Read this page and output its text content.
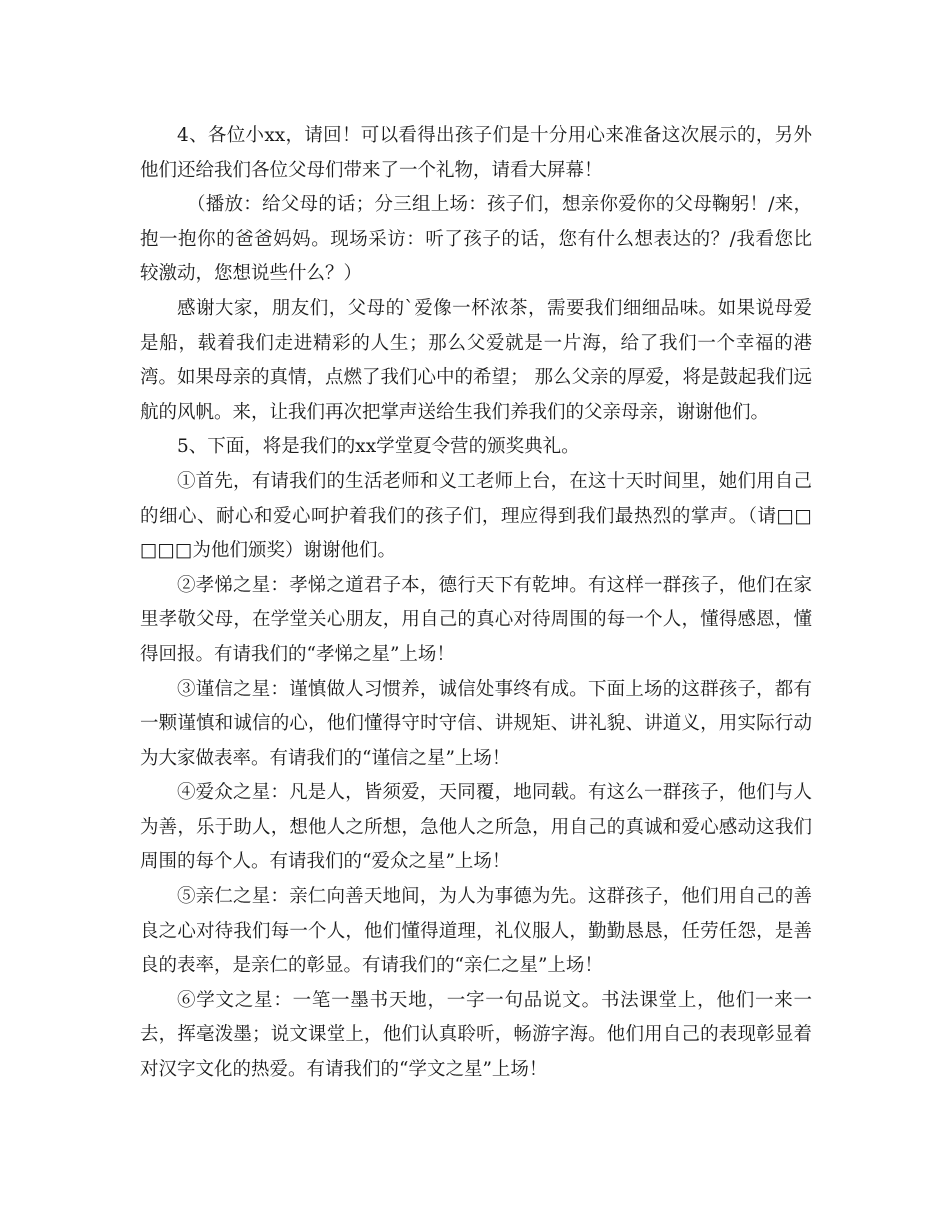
4、各位小xx，请回！可以看得出孩子们是十分用心来准备这次展示的，另外他们还给我们各位父母们带来了一个礼物，请看大屏幕！

（播放：给父母的话；分三组上场：孩子们，想亲你爱你的父母鞠躬！/来，抱一抱你的爸爸妈妈。现场采访：听了孩子的话，您有什么想表达的？/我看您比较激动，您想说些什么？）

感谢大家，朋友们，父母的`爱像一杯浓茶，需要我们细细品味。如果说母爱是船，载着我们走进精彩的人生；那么父爱就是一片海，给了我们一个幸福的港湾。如果母亲的真情，点燃了我们心中的希望； 那么父亲的厚爱，将是鼓起我们远航的风帆。来，让我们再次把掌声送给生我们养我们的父亲母亲，谢谢他们。

5、下面，将是我们的xx学堂夏令营的颁奖典礼。

①首先，有请我们的生活老师和义工老师上台，在这十天时间里，她们用自己的细心、耐心和爱心呵护着我们的孩子们，理应得到我们最热烈的掌声。（请□□□□□为他们颁奖）谢谢他们。

②孝悌之星：孝悌之道君子本，德行天下有乾坤。有这样一群孩子，他们在家里孝敬父母，在学堂关心朋友，用自己的真心对待周围的每一个人，懂得感恩，懂得回报。有请我们的“孝悌之星”上场！

③谨信之星：谨慎做人习惯养，诚信处事终有成。下面上场的这群孩子，都有一颗谨慎和诚信的心，他们懂得守时守信、讲规矩、讲礼貌、讲道义，用实际行动为大家做表率。有请我们的“谨信之星”上场！

④爱众之星：凡是人，皆须爱，天同覆，地同载。有这么一群孩子，他们与人为善，乐于助人，想他人之所想，急他人之所急，用自己的真诚和爱心感动这我们周围的每个人。有请我们的“爱众之星”上场！

⑤亲仁之星：亲仁向善天地间，为人为事德为先。这群孩子，他们用自己的善良之心对待我们每一个人，他们懂得道理，礼仪服人，勤勤恳恳，任劳任怨，是善良的表率，是亲仁的彰显。有请我们的“亲仁之星”上场！

⑥学文之星：一笔一墨书天地，一字一句品说文。书法课堂上，他们一来一去，挥毫泼墨；说文课堂上，他们认真聆听，畅游字海。他们用自己的表现彰显着对汉字文化的热爱。有请我们的“学文之星”上场！
